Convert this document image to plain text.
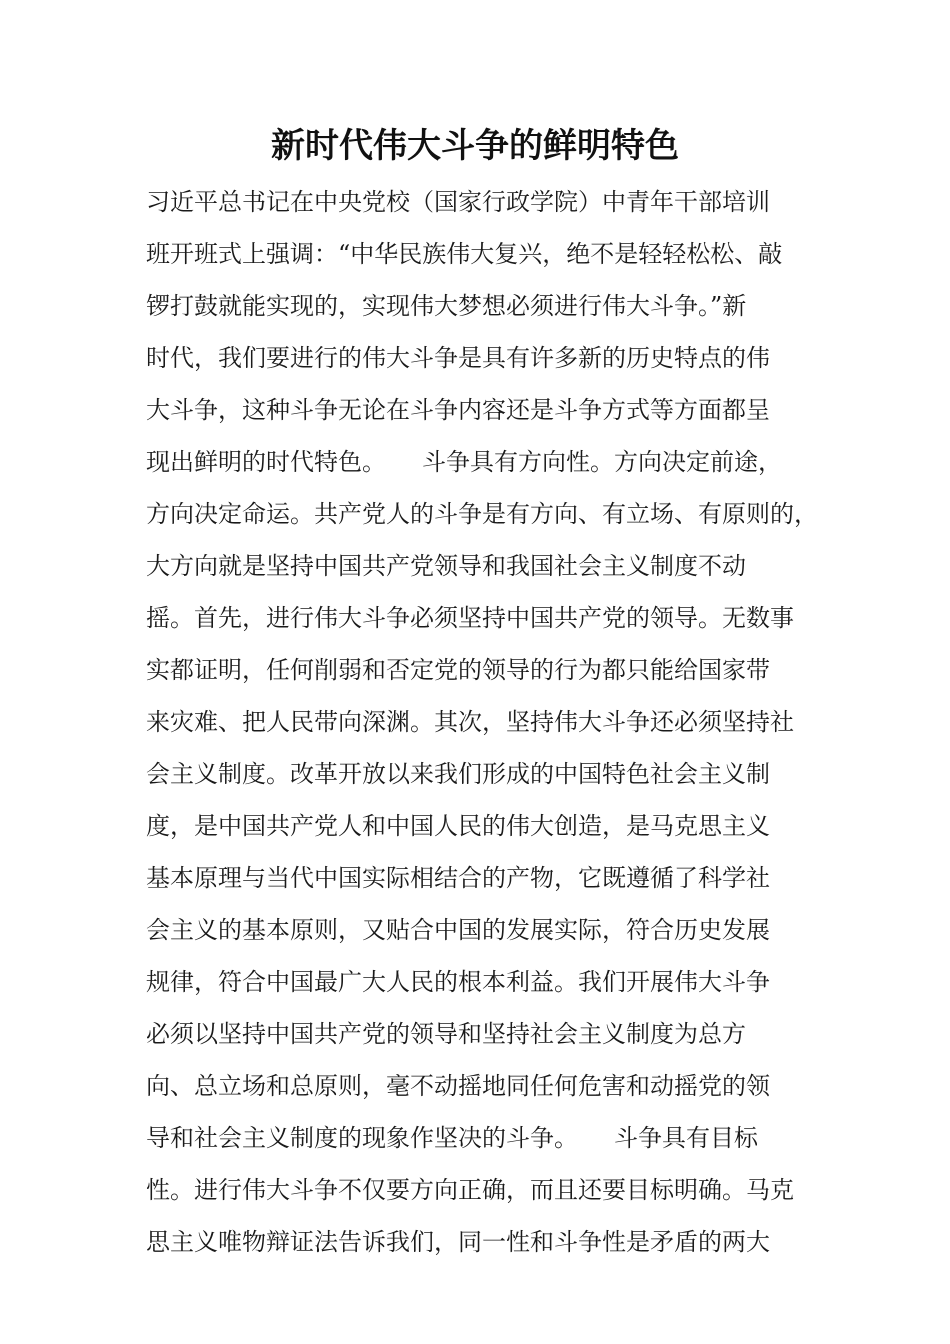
新时代伟大斗争的鲜明特色
习近平总书记在中央党校（国家行政学院）中青年干部培训
班开班式上强调：“中华民族伟大复兴，绝不是轻轻松松、敲
锣打鼓就能实现的，实现伟大梦想必须进行伟大斗争。”新
时代，我们要进行的伟大斗争是具有许多新的历史特点的伟
大斗争，这种斗争无论在斗争内容还是斗争方式等方面都呈
现出鲜明的时代特色。　　斗争具有方向性。方向决定前途，
方向决定命运。共产党人的斗争是有方向、有立场、有原则的，
大方向就是坚持中国共产党领导和我国社会主义制度不动
摇。首先，进行伟大斗争必须坚持中国共产党的领导。无数事
实都证明，任何削弱和否定党的领导的行为都只能给国家带
来灾难、把人民带向深渊。其次，坚持伟大斗争还必须坚持社
会主义制度。改革开放以来我们形成的中国特色社会主义制
度，是中国共产党人和中国人民的伟大创造，是马克思主义
基本原理与当代中国实际相结合的产物，它既遵循了科学社
会主义的基本原则，又贴合中国的发展实际，符合历史发展
规律，符合中国最广大人民的根本利益。我们开展伟大斗争
必须以坚持中国共产党的领导和坚持社会主义制度为总方
向、总立场和总原则，毫不动摇地同任何危害和动摇党的领
导和社会主义制度的现象作坚决的斗争。　　斗争具有目标
性。进行伟大斗争不仅要方向正确，而且还要目标明确。马克
思主义唯物辩证法告诉我们，同一性和斗争性是矛盾的两大
